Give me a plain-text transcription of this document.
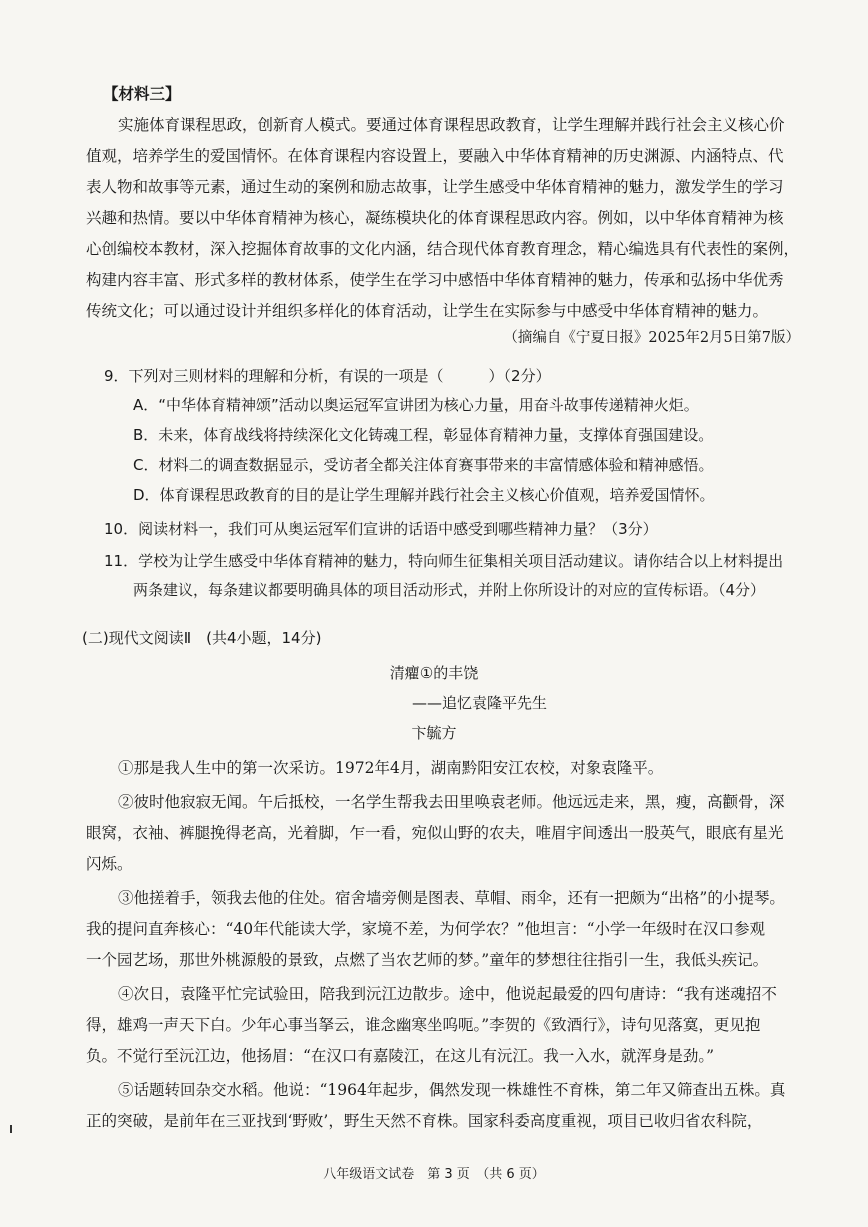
【材料三】
实施体育课程思政，创新育人模式。要通过体育课程思政教育，让学生理解并践行社会主义核心价
值观，培养学生的爱国情怀。在体育课程内容设置上，要融入中华体育精神的历史渊源、内涵特点、代
表人物和故事等元素，通过生动的案例和励志故事，让学生感受中华体育精神的魅力，激发学生的学习
兴趣和热情。要以中华体育精神为核心，凝练模块化的体育课程思政内容。例如，以中华体育精神为核
心创编校本教材，深入挖掘体育故事的文化内涵，结合现代体育教育理念，精心编选具有代表性的案例，
构建内容丰富、形式多样的教材体系，使学生在学习中感悟中华体育精神的魅力，传承和弘扬中华优秀
传统文化；可以通过设计并组织多样化的体育活动，让学生在实际参与中感受中华体育精神的魅力。
（摘编自《宁夏日报》2025年2月5日第7版）
9．下列对三则材料的理解和分析，有误的一项是（　　　）（2分）
A．“中华体育精神颂”活动以奥运冠军宣讲团为核心力量，用奋斗故事传递精神火炬。
B．未来，体育战线将持续深化文化铸魂工程，彰显体育精神力量，支撑体育强国建设。
C．材料二的调查数据显示，受访者全都关注体育赛事带来的丰富情感体验和精神感悟。
D．体育课程思政教育的目的是让学生理解并践行社会主义核心价值观，培养爱国情怀。
10．阅读材料一，我们可从奥运冠军们宣讲的话语中感受到哪些精神力量？（3分）
11．学校为让学生感受中华体育精神的魅力，特向师生征集相关项目活动建议。请你结合以上材料提出
两条建议，每条建议都要明确具体的项目活动形式，并附上你所设计的对应的宣传标语。（4分）
(二)现代文阅读Ⅱ　(共4小题，14分)
清癯①的丰饶
——追忆袁隆平先生
卞毓方
①那是我人生中的第一次采访。1972年4月，湖南黔阳安江农校，对象袁隆平。
②彼时他寂寂无闻。午后抵校，一名学生帮我去田里唤袁老师。他远远走来，黑，瘦，高颧骨，深
眼窝，衣袖、裤腿挽得老高，光着脚，乍一看，宛似山野的农夫，唯眉宇间透出一股英气，眼底有星光
闪烁。
③他搓着手，领我去他的住处。宿舍墙旁侧是图表、草帽、雨伞，还有一把颇为“出格”的小提琴。
我的提问直奔核心：“40年代能读大学，家境不差，为何学农？”他坦言：“小学一年级时在汉口参观
一个园艺场，那世外桃源般的景致，点燃了当农艺师的梦。”童年的梦想往往指引一生，我低头疾记。
④次日，袁隆平忙完试验田，陪我到沅江边散步。途中，他说起最爱的四句唐诗：“我有迷魂招不
得，雄鸡一声天下白。少年心事当拏云，谁念幽寒坐呜呃。”李贺的《致酒行》，诗句见落寞，更见抱
负。不觉行至沅江边，他扬眉：“在汉口有嘉陵江，在这儿有沅江。我一入水，就浑身是劲。”
⑤话题转回杂交水稻。他说：“1964年起步，偶然发现一株雄性不育株，第二年又筛查出五株。真
正的突破，是前年在三亚找到‘野败’，野生天然不育株。国家科委高度重视，项目已收归省农科院，
八年级语文试卷　第 3 页　（共 6 页）
